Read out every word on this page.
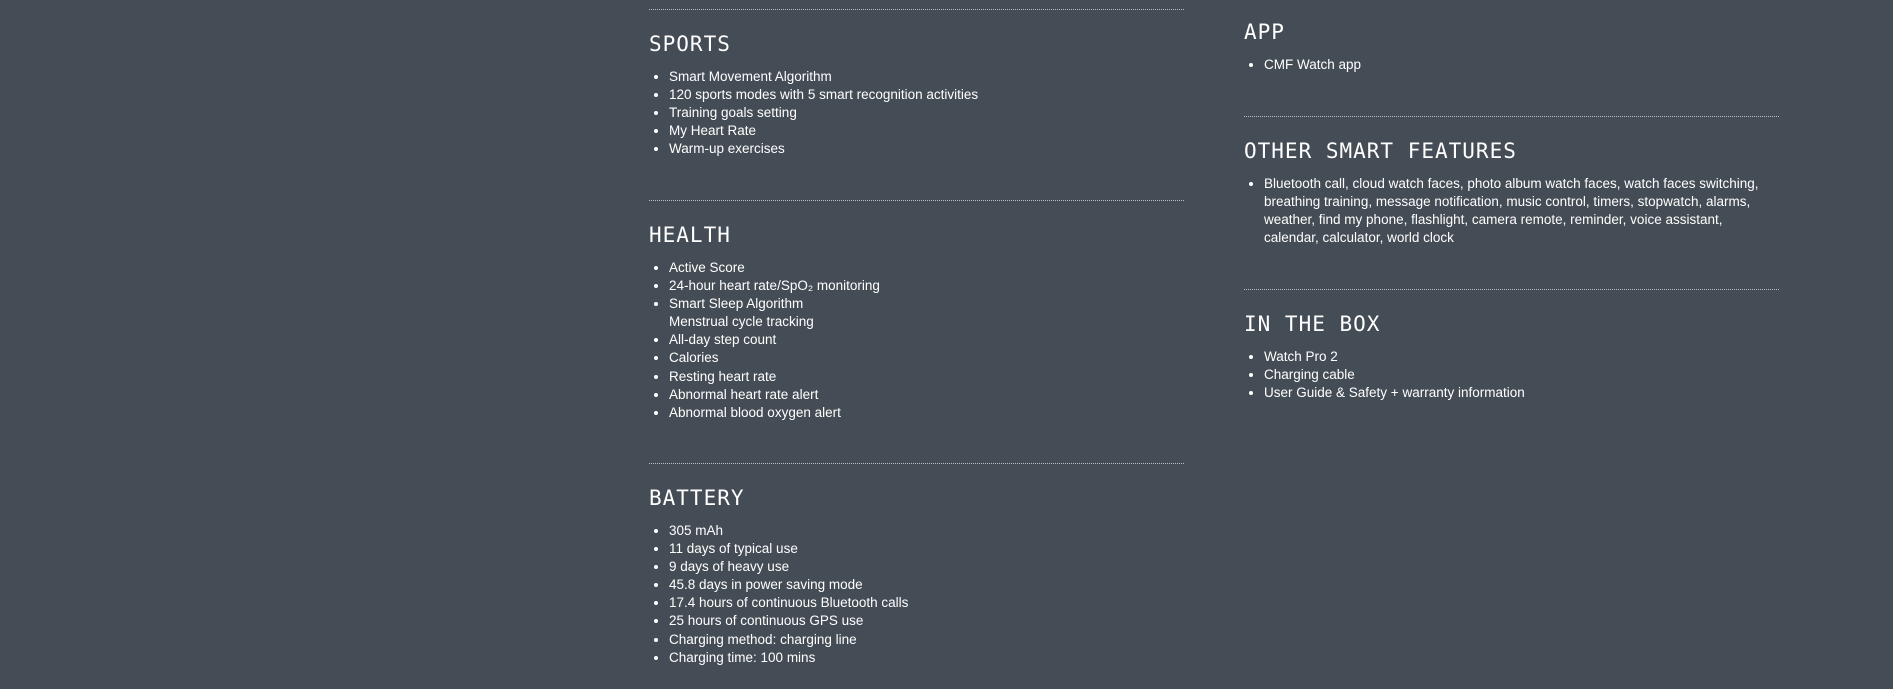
SPORTS
• Smart Movement Algorithm
• 120 sports modes with 5 smart recognition activities
• Training goals setting
• My Heart Rate
• Warm-up exercises
HEALTH
• Active Score
• 24-hour heart rate/SpO₂ monitoring
• Smart Sleep Algorithm
Menstrual cycle tracking
• All-day step count
• Calories
• Resting heart rate
• Abnormal heart rate alert
• Abnormal blood oxygen alert
BATTERY
• 305 mAh
• 11 days of typical use
• 9 days of heavy use
• 45.8 days in power saving mode
• 17.4 hours of continuous Bluetooth calls
• 25 hours of continuous GPS use
• Charging method: charging line
• Charging time: 100 mins
APP
• CMF Watch app
OTHER SMART FEATURES
• Bluetooth call, cloud watch faces, photo album watch faces, watch faces switching, breathing training, message notification, music control, timers, stopwatch, alarms, weather, find my phone, flashlight, camera remote, reminder, voice assistant, calendar, calculator, world clock
IN THE BOX
• Watch Pro 2
• Charging cable
• User Guide & Safety + warranty information
